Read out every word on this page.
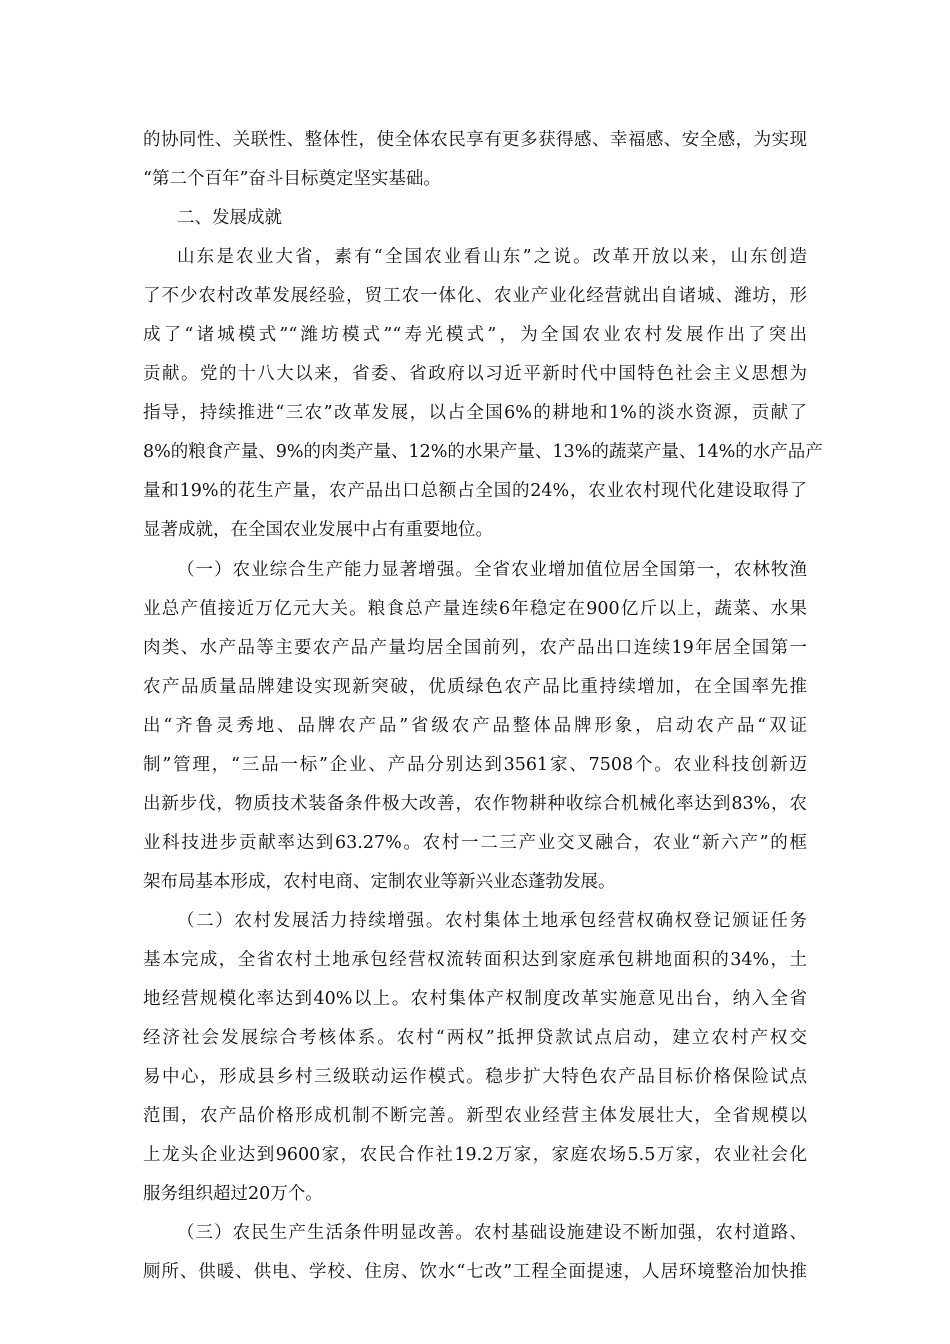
的协同性、关联性、整体性，使全体农民享有更多获得感、幸福感、安全感，为实现
“第二个百年”奋斗目标奠定坚实基础。
二、发展成就
山东是农业大省，素有“全国农业看山东”之说。改革开放以来，山东创造
了不少农村改革发展经验，贸工农一体化、农业产业化经营就出自诸城、潍坊，形
成了“诸城模式”“潍坊模式”“寿光模式”，为全国农业农村发展作出了突出
贡献。党的十八大以来，省委、省政府以习近平新时代中国特色社会主义思想为
指导，持续推进“三农”改革发展，以占全国6%的耕地和1%的淡水资源，贡献了
8%的粮食产量、9%的肉类产量、12%的水果产量、13%的蔬菜产量、14%的水产品产
量和19%的花生产量，农产品出口总额占全国的24%，农业农村现代化建设取得了
显著成就，在全国农业发展中占有重要地位。
（一）农业综合生产能力显著增强。全省农业增加值位居全国第一，农林牧渔
业总产值接近万亿元大关。粮食总产量连续6年稳定在900亿斤以上，蔬菜、水果
肉类、水产品等主要农产品产量均居全国前列，农产品出口连续19年居全国第一
农产品质量品牌建设实现新突破，优质绿色农产品比重持续增加，在全国率先推
出“齐鲁灵秀地、品牌农产品”省级农产品整体品牌形象，启动农产品“双证
制”管理，“三品一标”企业、产品分别达到3561家、7508个。农业科技创新迈
出新步伐，物质技术装备条件极大改善，农作物耕种收综合机械化率达到83%，农
业科技进步贡献率达到63.27%。农村一二三产业交叉融合，农业“新六产”的框
架布局基本形成，农村电商、定制农业等新兴业态蓬勃发展。
（二）农村发展活力持续增强。农村集体土地承包经营权确权登记颁证任务
基本完成，全省农村土地承包经营权流转面积达到家庭承包耕地面积的34%，土
地经营规模化率达到40%以上。农村集体产权制度改革实施意见出台，纳入全省
经济社会发展综合考核体系。农村“两权”抵押贷款试点启动，建立农村产权交
易中心，形成县乡村三级联动运作模式。稳步扩大特色农产品目标价格保险试点
范围，农产品价格形成机制不断完善。新型农业经营主体发展壮大，全省规模以
上龙头企业达到9600家，农民合作社19.2万家，家庭农场5.5万家，农业社会化
服务组织超过20万个。
（三）农民生产生活条件明显改善。农村基础设施建设不断加强，农村道路、
厕所、供暖、供电、学校、住房、饮水“七改”工程全面提速，人居环境整治加快推
